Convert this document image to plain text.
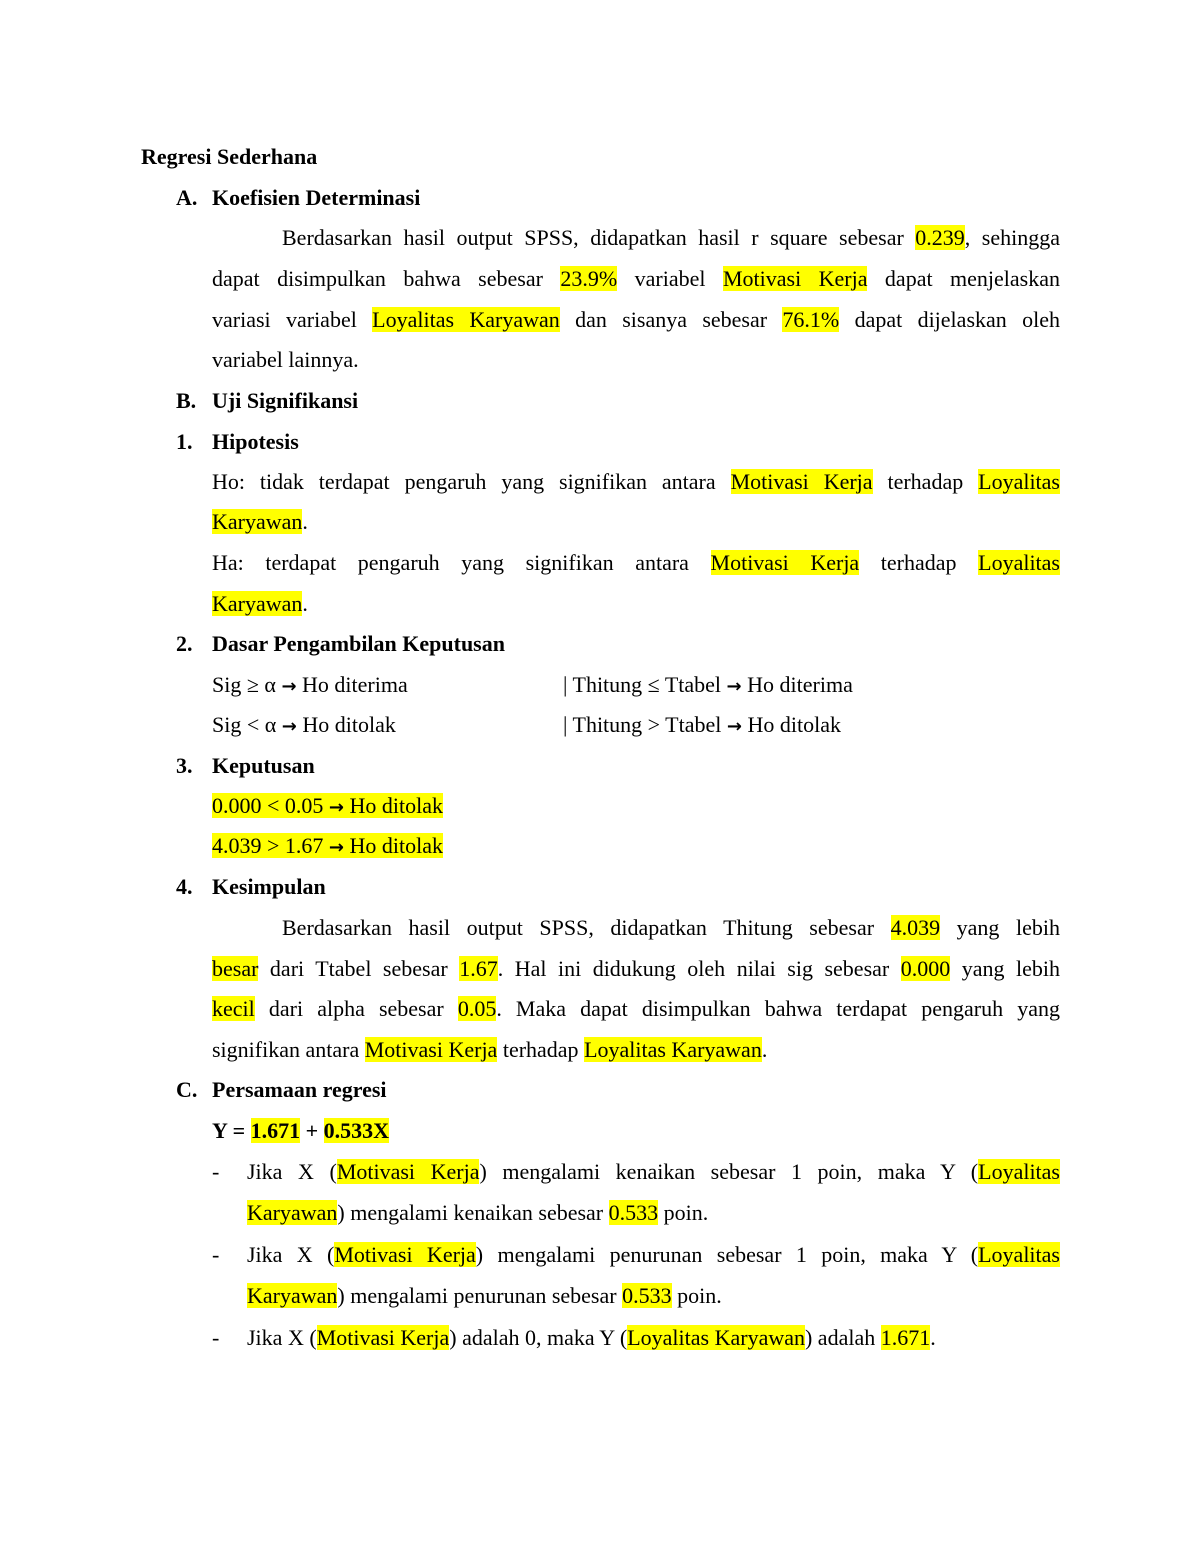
Regresi Sederhana
A. Koefisien Determinasi
Berdasarkan hasil output SPSS, didapatkan hasil r square sebesar 0.239, sehingga
dapat disimpulkan bahwa sebesar 23.9% variabel Motivasi Kerja dapat menjelaskan
variasi variabel Loyalitas Karyawan dan sisanya sebesar 76.1% dapat dijelaskan oleh
variabel lainnya.
B. Uji Signifikansi
1. Hipotesis
Ho: tidak terdapat pengaruh yang signifikan antara Motivasi Kerja terhadap Loyalitas
Karyawan.
Ha: terdapat pengaruh yang signifikan antara Motivasi Kerja terhadap Loyalitas
Karyawan.
2. Dasar Pengambilan Keputusan
Sig ≥ α → Ho diterima	| Thitung ≤ Ttabel → Ho diterima
Sig < α → Ho ditolak	| Thitung > Ttabel → Ho ditolak
3. Keputusan
0.000 < 0.05 → Ho ditolak
4.039 > 1.67 → Ho ditolak
4. Kesimpulan
Berdasarkan hasil output SPSS, didapatkan Thitung sebesar 4.039 yang lebih
besar dari Ttabel sebesar 1.67. Hal ini didukung oleh nilai sig sebesar 0.000 yang lebih
kecil dari alpha sebesar 0.05. Maka dapat disimpulkan bahwa terdapat pengaruh yang
signifikan antara Motivasi Kerja terhadap Loyalitas Karyawan.
C. Persamaan regresi
Y = 1.671 + 0.533X
- Jika X (Motivasi Kerja) mengalami kenaikan sebesar 1 poin, maka Y (Loyalitas
Karyawan) mengalami kenaikan sebesar 0.533 poin.
- Jika X (Motivasi Kerja) mengalami penurunan sebesar 1 poin, maka Y (Loyalitas
Karyawan) mengalami penurunan sebesar 0.533 poin.
- Jika X (Motivasi Kerja) adalah 0, maka Y (Loyalitas Karyawan) adalah 1.671.
